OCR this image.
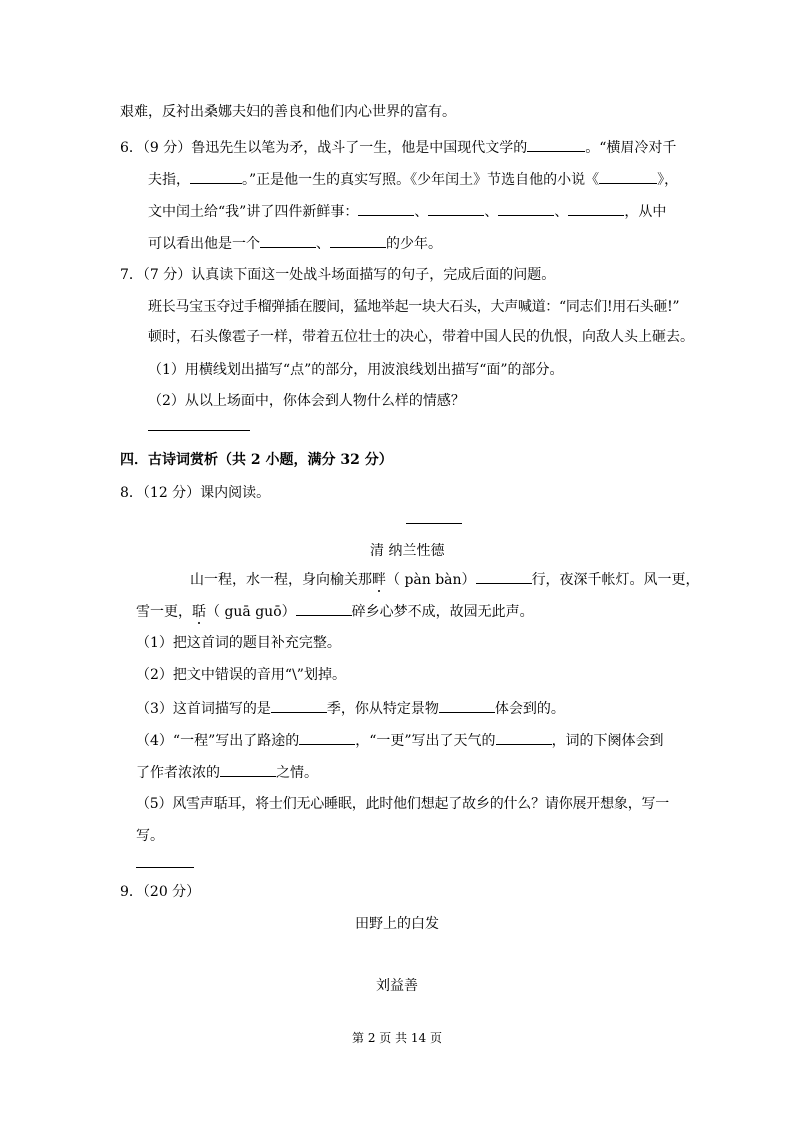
艰难，反衬出桑娜夫妇的善良和他们内心世界的富有。
6．（9 分）鲁迅先生以笔为矛，战斗了一生，他是中国现代文学的	。“横眉冷对千
夫指，	。”正是他一生的真实写照。《少年闰土》节选自他的小说《	》，
文中闰土给“我”讲了四件新鲜事：	、	、	、	，从中
可以看出他是一个	、	的少年。
7．（7 分）认真读下面这一处战斗场面描写的句子，完成后面的问题。
班长马宝玉夺过手榴弹插在腰间，猛地举起一块大石头，大声喊道：“同志们!用石头砸!”
顿时，石头像雹子一样，带着五位壮士的决心，带着中国人民的仇恨，向敌人头上砸去。
（1）用横线划出描写“点”的部分，用波浪线划出描写“面”的部分。
（2）从以上场面中，你体会到人物什么样的情感？
四．古诗词赏析（共 2 小题，满分 32 分）
8．（12 分）课内阅读。
清 纳兰性德
山一程，水一程，身向榆关那畔（ pàn bàn）	行，夜深千帐灯。风一更，
雪一更，聒（ guā guō）	碎乡心梦不成，故园无此声。
（1）把这首词的题目补充完整。
（2）把文中错误的音用“\”划掉。
（3）这首词描写的是	季，你从特定景物	体会到的。
（4）“一程”写出了路途的	，“一更”写出了天气的	，词的下阕体会到
了作者浓浓的	之情。
（5）风雪声聒耳，将士们无心睡眠，此时他们想起了故乡的什么？请你展开想象，写一
写。
9．（20 分）
田野上的白发
刘益善
第 2 页 共 14 页
